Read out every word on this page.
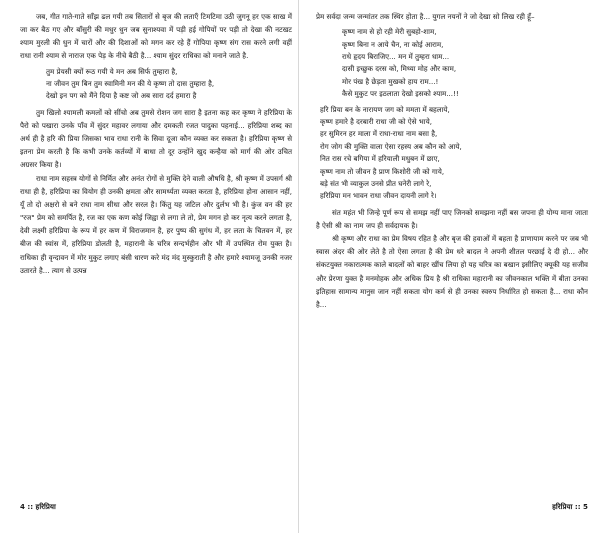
जब, गीत गाते-गाते साँझ ढल गयी तब सितारों से बृज की लताएँ टिमटिमा उठी जुगनू हर एक साख में जा कर बैठ गए और बाँसुरी की मधुर धुन जब सुनाश्यवा में पड़ी हई गोपियों पर पड़ी तो देखा की नटखट श्याम मुरली की धुन में चारों और की दिशाओं को मगन कर रहे हैं गोपिया कृष्ण संग रास करने लगी वहीं राधा रानी श्याम से नाराज एक पेड़ के नीचे बैठी है... श्याम सुंदर राधिका को मनाने जाते है.

तुम प्रेयसी क्यों रूठ गयी ये मन अब सिर्फ तुम्हारा है,
ना जीवन तुम बिन तुम स्वामिनी मन की ये कृष्ण तो दास तुम्हारा है,
देखो इन पग को मैंने दिया है कष्ट जो अब सारा दर्द हमारा है

तुम खिलो श्यामली कमलों को सींचो अब तुमसे रोशन जग सारा है इतना कह कर कृष्ण ने हरिप्रिया के पैरो को पखारा उनके पाँव में सुंदर महावर लगाया और दमकती रजत पादुका पहनाई... हरिप्रिया शब्द का अर्थ ही है हरि की प्रिया जिसका भाव राधा रानी के सिवा दूजा कौन व्यक्त कर सकता है। हरिप्रिया कृष्ण से इतना प्रेम करती है कि कभी उनके कर्तव्यों में बाधा तो दूर उन्होंने खुद कन्हैया को मार्ग की ओर उचित अग्रसर किया है।

राधा नाम सहस्त्र योगों से निर्मित और अनंत रोगों से मुक्ति देने वाली औषधि है, श्री कृष्ण में उपसर्ग श्री राधा ही है, हरिप्रिया का वियोग ही उनकी क्षमता और सामर्थ्यता व्यक्त करता है, हरिप्रिया होना आसान नहीं, यूँ तो दो अक्षरो से बने राधा नाम सीधा और सरल है। किंतु यह जटिल और दुर्लभ भी है। कुंज वन की हर "रज" प्रेम को समर्पित है, रज का एक कण कोई जिह्वा से लगा ले तो, प्रेम मगन हो कर नृत्य करने लगता है, देवी लक्ष्मी हरिप्रिया के रूप में हर कण में विराजमान है, हर पुष्प की सुगंध में, हर लता के चितवन में, हर बीज की स्वांस में, हरिप्रिया डोलती है, महारानी के चरित्र सन्दर्भहीन और भी में उपस्थित रोम युक्त है। राधिका ही वृन्दावन में मोर मुकुट लगाए बंसी धारण करे मंद मंद मुस्कुराती है और हमारे श्यामजू उनकी नजर उतारते है... त्याग से उत्पन्न

प्रेम सर्वदा जन्म जन्मांतर तक स्थिर होता है... युगल नयनों ने जो देखा सो लिख रही हूँ–

कृष्ण नाम से हो रही मेरी सुबहो-शाम,
कृष्ण बिना न आये चैन, ना कोई आराम,
राधे हृदय बिराजिए... मन में तुम्हरा धाम...
दासी इच्छुक दरस को, मिथ्या मोह और काम,
मोर पंख है छेड़ता मुखको हाय राम...!
कैसे मुकुट पर इठलाता देखो इसको श्याम...!!
हरि प्रिया बन के नारायण जग को ममता में बहलाये,
कृष्ण हमारे है दरबारी राधा जी को ऐसे भाये,
हर सुमिरन हर माला में राधा-राधा नाम बसा है,
रोग जोग की मुक्ति वाला ऐसा रहस्य अब कौन को आये,
नित रास रचे बगिया में हरियाली मधुबन में छाए,
कृष्ण नाम तो जीवन है प्राण किशोरी जी को गाये,
बड़े संत भी व्याकुल उनसे प्रीत घनेरी लागे रे,
हरिप्रिया मन भावन राधा जीवन दायनी लागे रे।

संत महंत भी जिन्हे पूर्ण रूप से समझ नहीं पाए जिनको समझना नहीं बस जपना ही योग्य माना जाता है ऐसी श्री का नाम जप ही सर्वदायक है।

श्री कृष्ण और राधा का प्रेम विषय रहित है और बृज की हवाओं में बहता है प्राणायाम करने पर जब भी स्वास अंदर की ओर लेते है तो ऐसा लगता है की प्रेम धरे बादल ने अपनी शीतल परछाई दे दी हो... और संकटयुक्त नकारात्मक काले बादलों को बाहर खींच लिया हो यह चरित्र का बखान इसीलिए क्यूकी यह सजीव और प्रेरणा युक्त है मनमोहक और अधिक प्रिय है श्री राधिका महारानी का जीवनकाल भक्ति में बीता उनका इतिहास सामान्य मानुस जान नहीं सकता योग कर्म से ही उनका स्वरुप निर्धारित हो सकता है... राधा कौन है...

4 :: हरिप्रिया	हरिप्रिया :: 5
